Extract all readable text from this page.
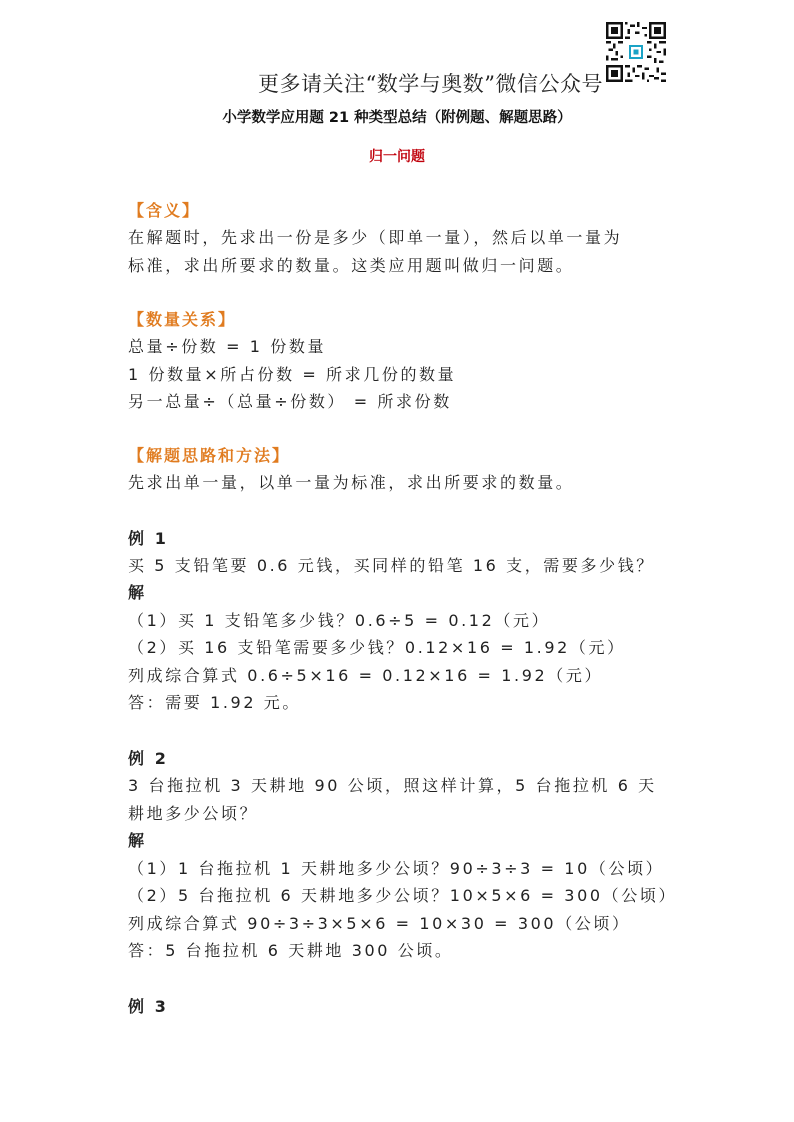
更多请关注“数学与奥数”微信公众号
小学数学应用题 21 种类型总结（附例题、解题思路）
归一问题
【含义】
在解题时，先求出一份是多少（即单一量），然后以单一量为
标准，求出所要求的数量。这类应用题叫做归一问题。
【数量关系】
总量÷份数 = 1 份数量
1 份数量×所占份数 = 所求几份的数量
另一总量÷（总量÷份数） = 所求份数
【解题思路和方法】
先求出单一量，以单一量为标准，求出所要求的数量。
例 1
买 5 支铅笔要 0.6 元钱，买同样的铅笔 16 支，需要多少钱？
解
（1）买 1 支铅笔多少钱？0.6÷5 = 0.12（元）
（2）买 16 支铅笔需要多少钱？0.12×16 = 1.92（元）
列成综合算式 0.6÷5×16 = 0.12×16 = 1.92（元）
答：需要 1.92 元。
例 2
3 台拖拉机 3 天耕地 90 公顷，照这样计算，5 台拖拉机 6 天
耕地多少公顷？
解
（1）1 台拖拉机 1 天耕地多少公顷？90÷3÷3 = 10（公顷）
（2）5 台拖拉机 6 天耕地多少公顷？10×5×6 = 300（公顷）
列成综合算式 90÷3÷3×5×6 = 10×30 = 300（公顷）
答：5 台拖拉机 6 天耕地 300 公顷。
例 3
